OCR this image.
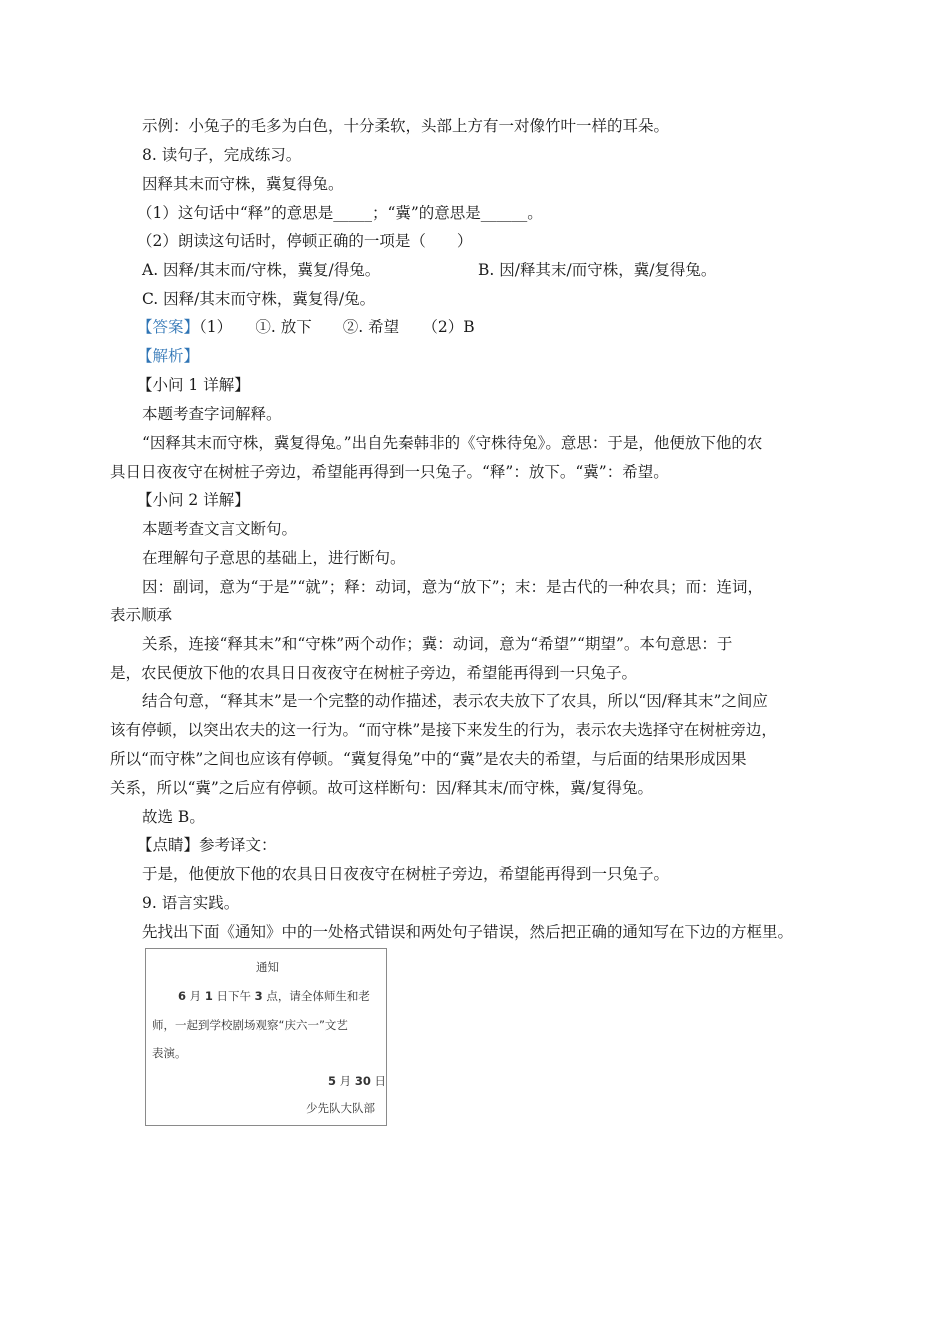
示例：小兔子的毛多为白色，十分柔软，头部上方有一对像竹叶一样的耳朵。
8. 读句子，完成练习。
因释其末而守株，冀复得兔。
（1）这句话中“释”的意思是_____；“冀”的意思是______。
（2）朗读这句话时，停顿正确的一项是（　　）
A. 因释/其末而/守株，冀复/得兔。	B. 因/释其末/而守株，冀/复得兔。
C. 因释/其末而守株，冀复得/兔。
【答案】（1）　　①. 放下　　②. 希望　　（2）B
【解析】
【小问 1 详解】
本题考查字词解释。
“因释其末而守株，冀复得兔。”出自先秦韩非的《守株待兔》。意思：于是，他便放下他的农
具日日夜夜守在树桩子旁边，希望能再得到一只兔子。“释”：放下。“冀”：希望。
【小问 2 详解】
本题考查文言文断句。
在理解句子意思的基础上，进行断句。
因：副词，意为“于是”“就”；释：动词，意为“放下”；末：是古代的一种农具；而：连词，
表示顺承
关系，连接“释其末”和“守株”两个动作；冀：动词，意为“希望”“期望”。本句意思：于
是，农民便放下他的农具日日夜夜守在树桩子旁边，希望能再得到一只兔子。
结合句意，“释其末”是一个完整的动作描述，表示农夫放下了农具，所以“因/释其末”之间应
该有停顿，以突出农夫的这一行为。“而守株”是接下来发生的行为，表示农夫选择守在树桩旁边，
所以“而守株”之间也应该有停顿。“冀复得兔”中的“冀”是农夫的希望，与后面的结果形成因果
关系，所以“冀”之后应有停顿。故可这样断句：因/释其末/而守株，冀/复得兔。
故选 B。
【点睛】参考译文：
于是，他便放下他的农具日日夜夜守在树桩子旁边，希望能再得到一只兔子。
9. 语言实践。
先找出下面《通知》中的一处格式错误和两处句子错误，然后把正确的通知写在下边的方框里。
通知
6 月 1 日下午 3 点，请全体师生和老
师，一起到学校剧场观察“庆六一”文艺
表演。
5 月 30 日
少先队大队部
